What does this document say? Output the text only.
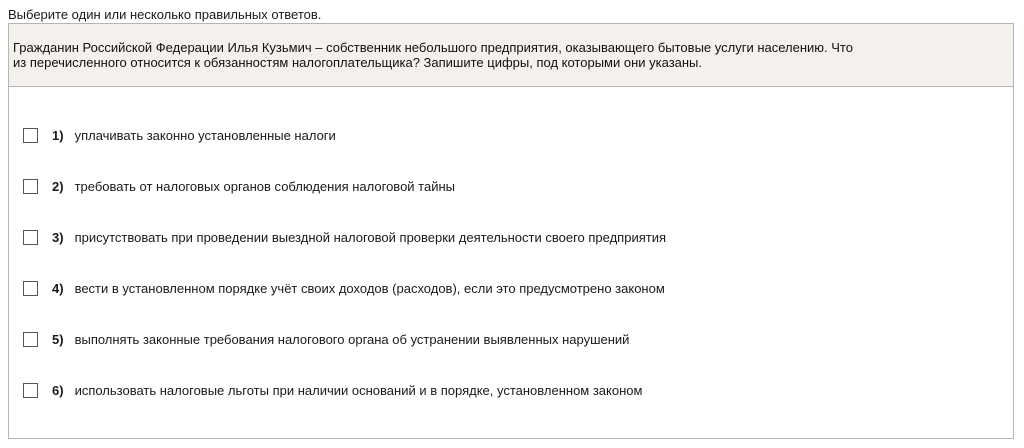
Выберите один или несколько правильных ответов.
Гражданин Российской Федерации Илья Кузьмич – собственник небольшого предприятия, оказывающего бытовые услуги населению. Что
из перечисленного относится к обязанностям налогоплательщика? Запишите цифры, под которыми они указаны.
1) уплачивать законно установленные налоги
2) требовать от налоговых органов соблюдения налоговой тайны
3) присутствовать при проведении выездной налоговой проверки деятельности своего предприятия
4) вести в установленном порядке учёт своих доходов (расходов), если это предусмотрено законом
5) выполнять законные требования налогового органа об устранении выявленных нарушений
6) использовать налоговые льготы при наличии оснований и в порядке, установленном законом
